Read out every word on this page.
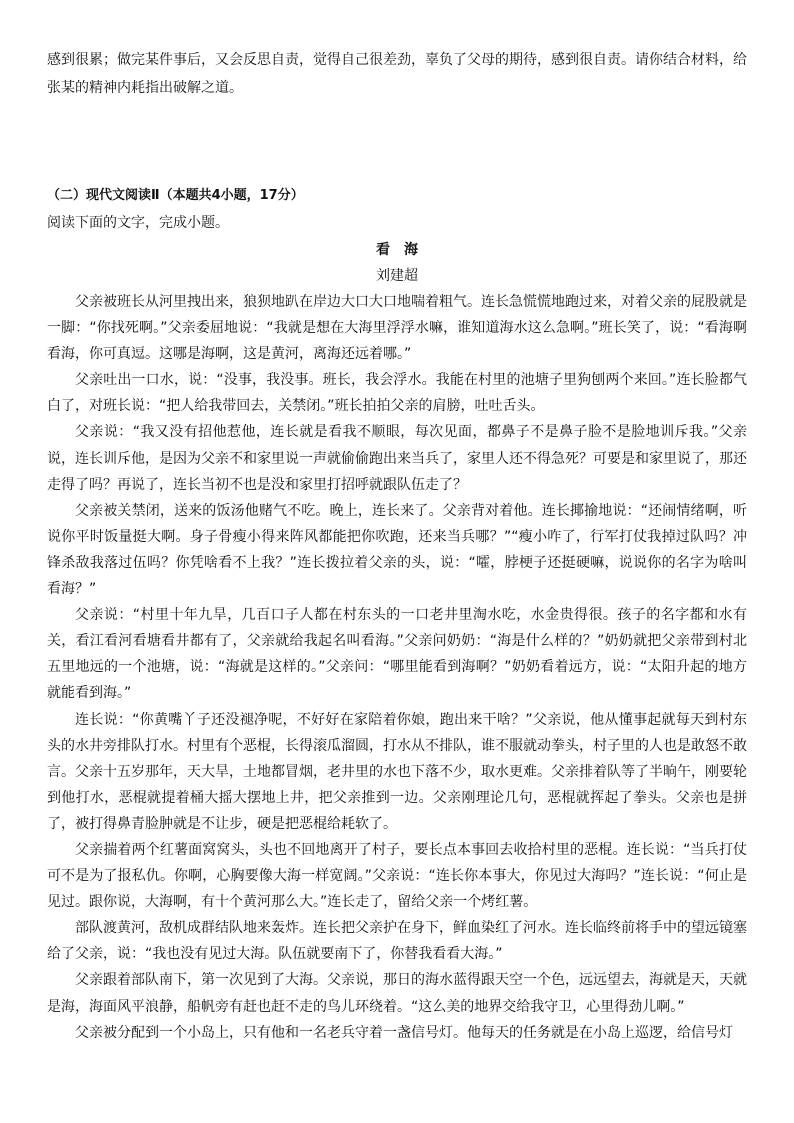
感到很累；做完某件事后，又会反思自责，觉得自己很差劲，辜负了父母的期待，感到很自责。请你结合材料，给张某的精神内耗指出破解之道。

（二）现代文阅读Ⅱ（本题共4小题，17分）

阅读下面的文字，完成小题。

看海

刘建超

父亲被班长从河里拽出来，狼狈地趴在岸边大口大口地喘着粗气。连长急慌慌地跑过来，对着父亲的屁股就是一脚：“你找死啊。”父亲委屈地说：“我就是想在大海里浮浮水嘛，谁知道海水这么急啊。”班长笑了，说：“看海啊看海，你可真逗。这哪是海啊，这是黄河，离海还远着哪。”

父亲吐出一口水，说：“没事，我没事。班长，我会浮水。我能在村里的池塘子里狗刨两个来回。”连长脸都气白了，对班长说：“把人给我带回去，关禁闭。”班长拍拍父亲的肩膀，吐吐舌头。

父亲说：“我又没有招他惹他，连长就是看我不顺眼，每次见面，都鼻子不是鼻子脸不是脸地训斥我。”父亲说，连长训斥他，是因为父亲不和家里说一声就偷偷跑出来当兵了，家里人还不得急死？可要是和家里说了，那还走得了吗？再说了，连长当初不也是没和家里打招呼就跟队伍走了？

父亲被关禁闭，送来的饭汤他赌气不吃。晚上，连长来了。父亲背对着他。连长揶揄地说：“还闹情绪啊，听说你平时饭量挺大啊。身子骨瘦小得来阵风都能把你吹跑，还来当兵哪？”“瘦小咋了，行军打仗我掉过队吗？冲锋杀敌我落过伍吗？你凭啥看不上我？”连长拨拉着父亲的头，说：“嚯，脖梗子还挺硬嘛，说说你的名字为啥叫看海？”

父亲说：“村里十年九旱，几百口子人都在村东头的一口老井里淘水吃，水金贵得很。孩子的名字都和水有关，看江看河看塘看井都有了，父亲就给我起名叫看海。”父亲问奶奶：“海是什么样的？”奶奶就把父亲带到村北五里地远的一个池塘，说：“海就是这样的。”父亲问：“哪里能看到海啊？”奶奶看着远方，说：“太阳升起的地方就能看到海。”

连长说：“你黄嘴丫子还没褪净呢，不好好在家陪着你娘，跑出来干啥？”父亲说，他从懂事起就每天到村东头的水井旁排队打水。村里有个恶棍，长得滚瓜溜圆，打水从不排队，谁不服就动拳头，村子里的人也是敢怒不敢言。父亲十五岁那年，天大旱，土地都冒烟，老井里的水也下落不少，取水更难。父亲排着队等了半晌午，刚要轮到他打水，恶棍就提着桶大摇大摆地上井，把父亲推到一边。父亲刚理论几句，恶棍就挥起了拳头。父亲也是拼了，被打得鼻青脸肿就是不让步，硬是把恶棍给耗软了。

父亲揣着两个红薯面窝窝头，头也不回地离开了村子，要长点本事回去收拾村里的恶棍。连长说：“当兵打仗可不是为了报私仇。你啊，心胸要像大海一样宽阔。”父亲说：“连长你本事大，你见过大海吗？”连长说：“何止是见过。跟你说，大海啊，有十个黄河那么大。”连长走了，留给父亲一个烤红薯。

部队渡黄河，敌机成群结队地来轰炸。连长把父亲护在身下，鲜血染红了河水。连长临终前将手中的望远镜塞给了父亲，说：“我也没有见过大海。队伍就要南下了，你替我看看大海。”

父亲跟着部队南下，第一次见到了大海。父亲说，那日的海水蓝得跟天空一个色，远远望去，海就是天，天就是海，海面风平浪静，船帆旁有赶也赶不走的鸟儿环绕着。“这么美的地界交给我守卫，心里得劲儿啊。”

父亲被分配到一个小岛上，只有他和一名老兵守着一盏信号灯。他每天的任务就是在小岛上巡逻，给信号灯
